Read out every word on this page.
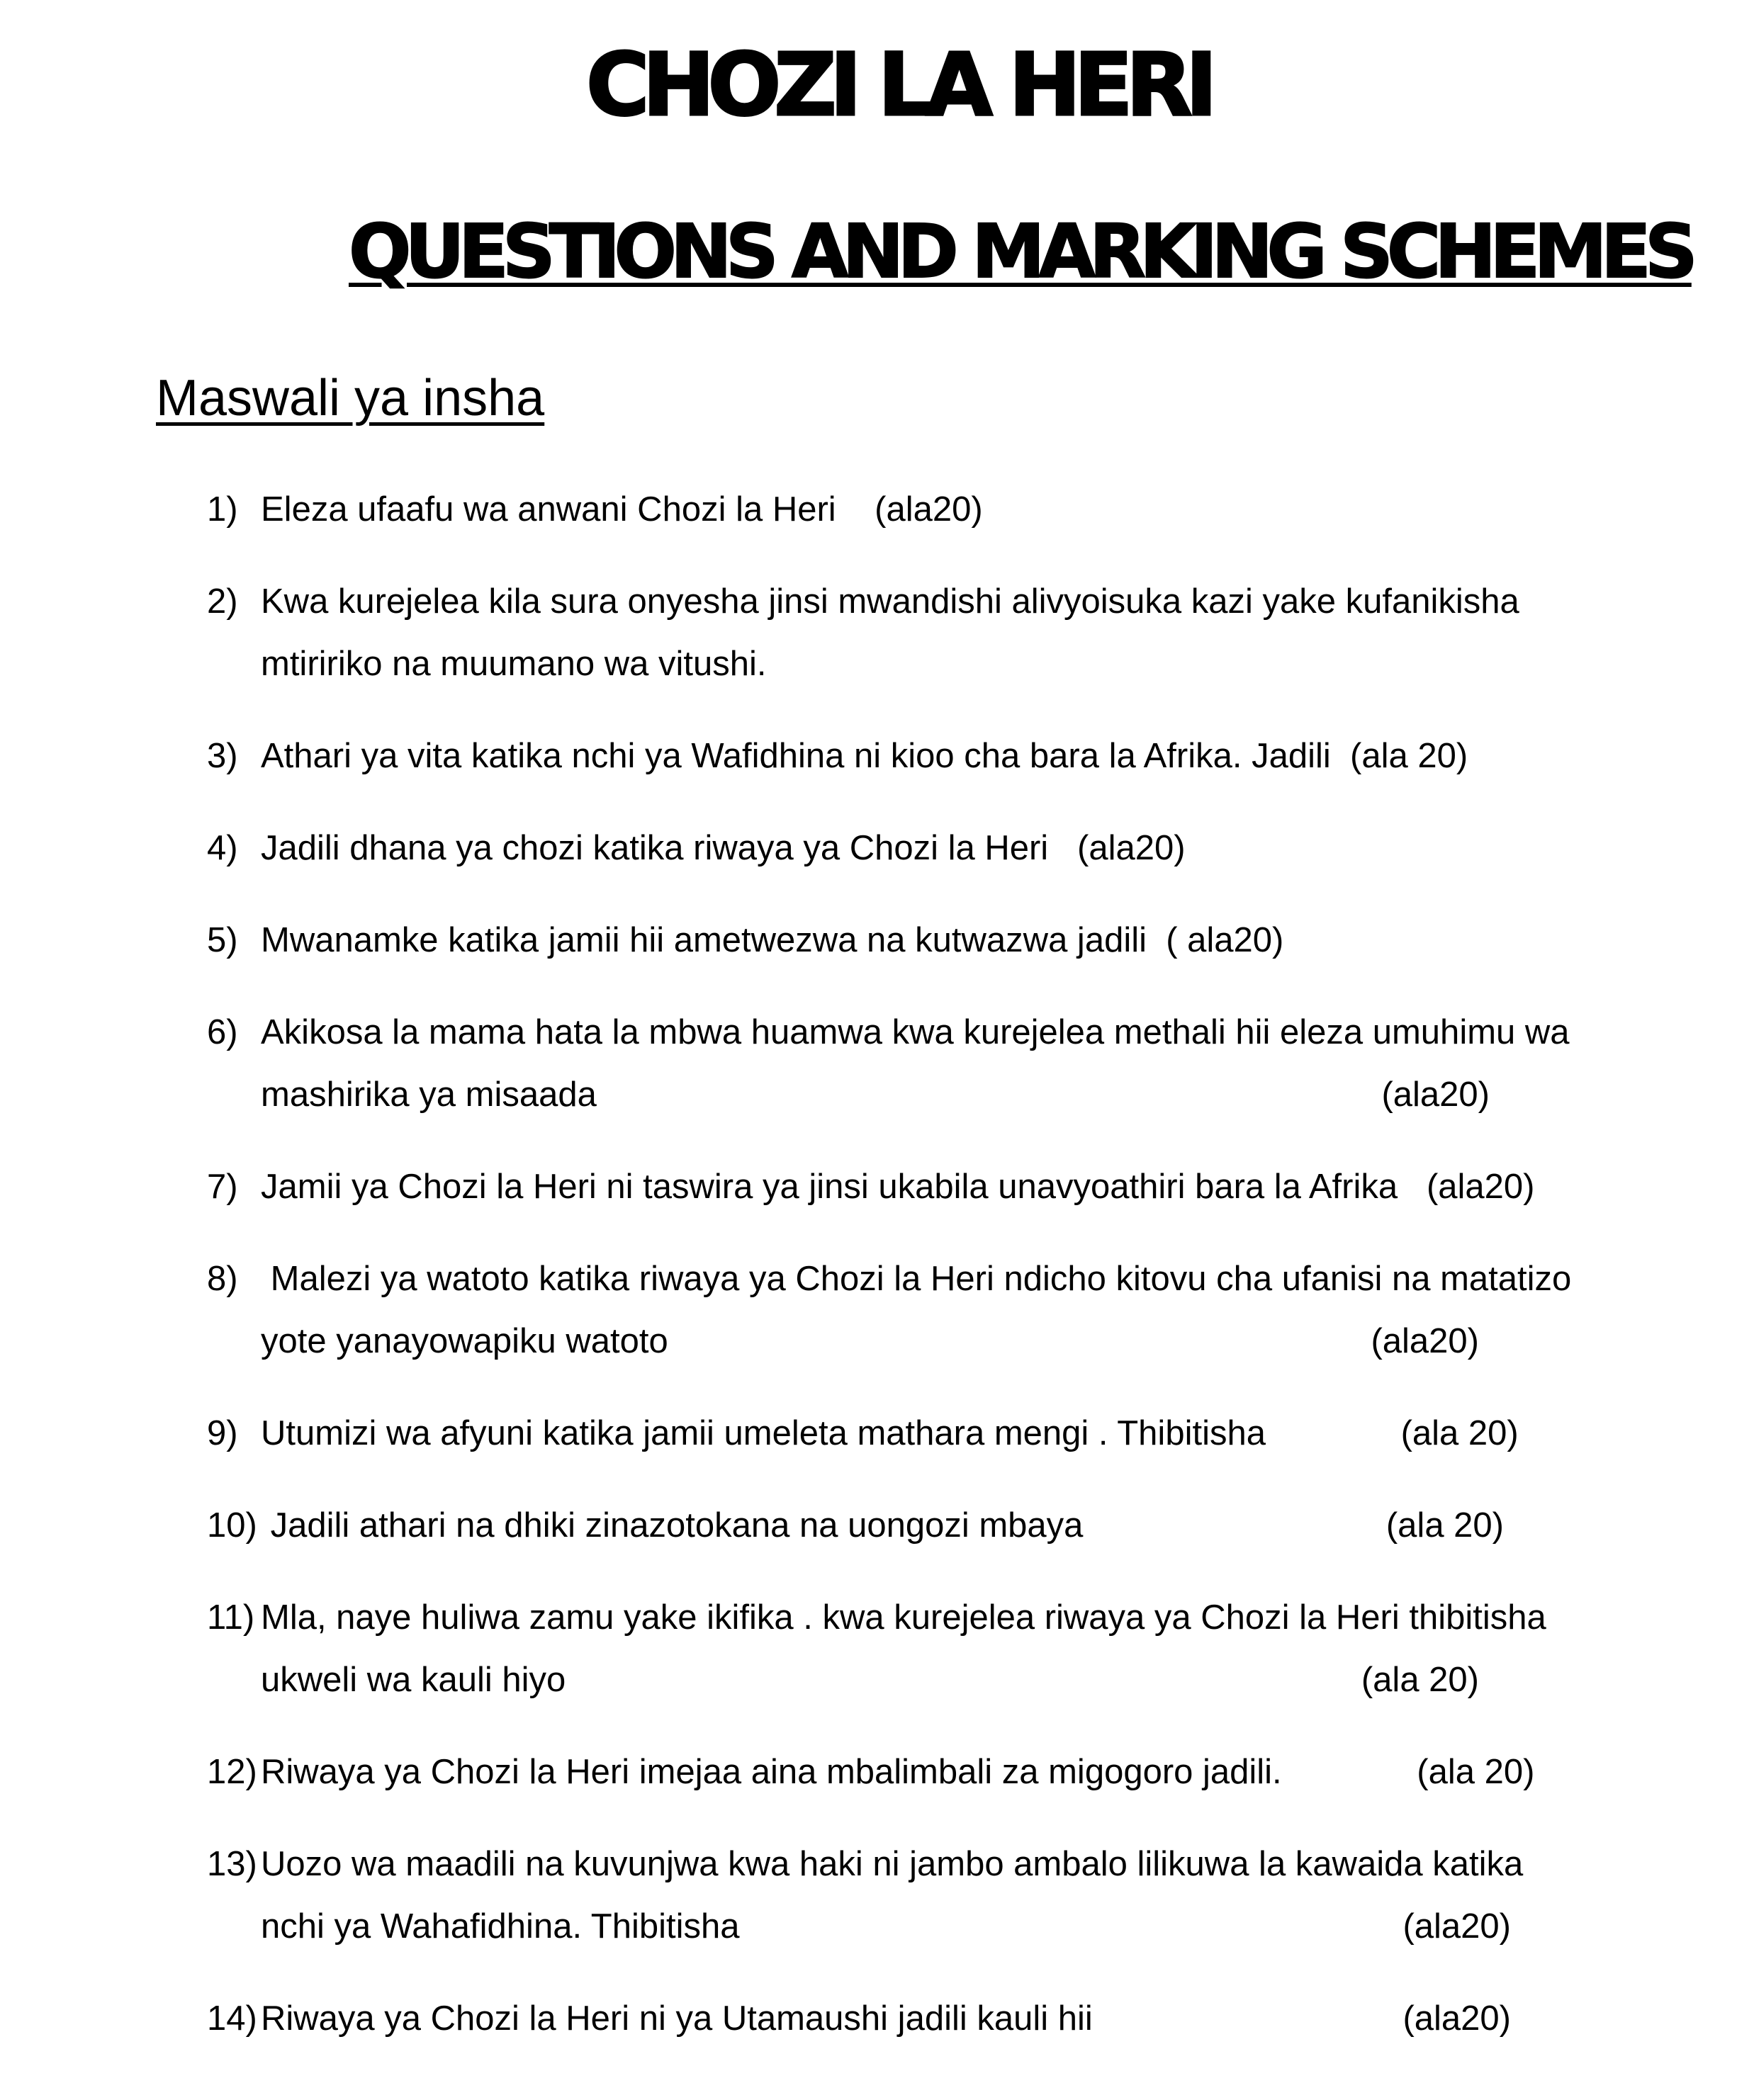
CHOZI LA HERI
QUESTIONS AND MARKING SCHEMES
Maswali ya insha
1) Eleza ufaafu wa anwani Chozi la Heri (ala20)
2) Kwa kurejelea kila sura onyesha jinsi mwandishi alivyoisuka kazi yake kufanikisha mtiririko na muumano wa vitushi.
3) Athari ya vita katika nchi ya Wafidhina ni kioo cha bara la Afrika. Jadili (ala 20)
4) Jadili dhana ya chozi katika riwaya ya Chozi la Heri (ala20)
5) Mwanamke katika jamii hii ametwezwa na kutwazwa jadili ( ala20)
6) Akikosa la mama hata la mbwa huamwa kwa kurejelea methali hii eleza umuhimu wa mashirika ya misaada	(ala20)
7) Jamii ya Chozi la Heri ni taswira ya jinsi ukabila unavyoathiri bara la Afrika (ala20)
8) Malezi ya watoto katika riwaya ya Chozi la Heri ndicho kitovu cha ufanisi na matatizo yote yanayowapiku watoto	(ala20)
9) Utumizi wa afyuni katika jamii umeleta mathara mengi . Thibitisha	(ala 20)
10) Jadili athari na dhiki zinazotokana na uongozi mbaya	(ala 20)
11) Mla, naye huliwa zamu yake ikifika . kwa kurejelea riwaya ya Chozi la Heri thibitisha ukweli wa kauli hiyo	(ala 20)
12) Riwaya ya Chozi la Heri imejaa aina mbalimbali za migogoro jadili.	(ala 20)
13) Uozo wa maadili na kuvunjwa kwa haki ni jambo ambalo lilikuwa la kawaida katika nchi ya Wahafidhina. Thibitisha	(ala20)
14) Riwaya ya Chozi la Heri ni ya Utamaushi jadili kauli hii	(ala20)
